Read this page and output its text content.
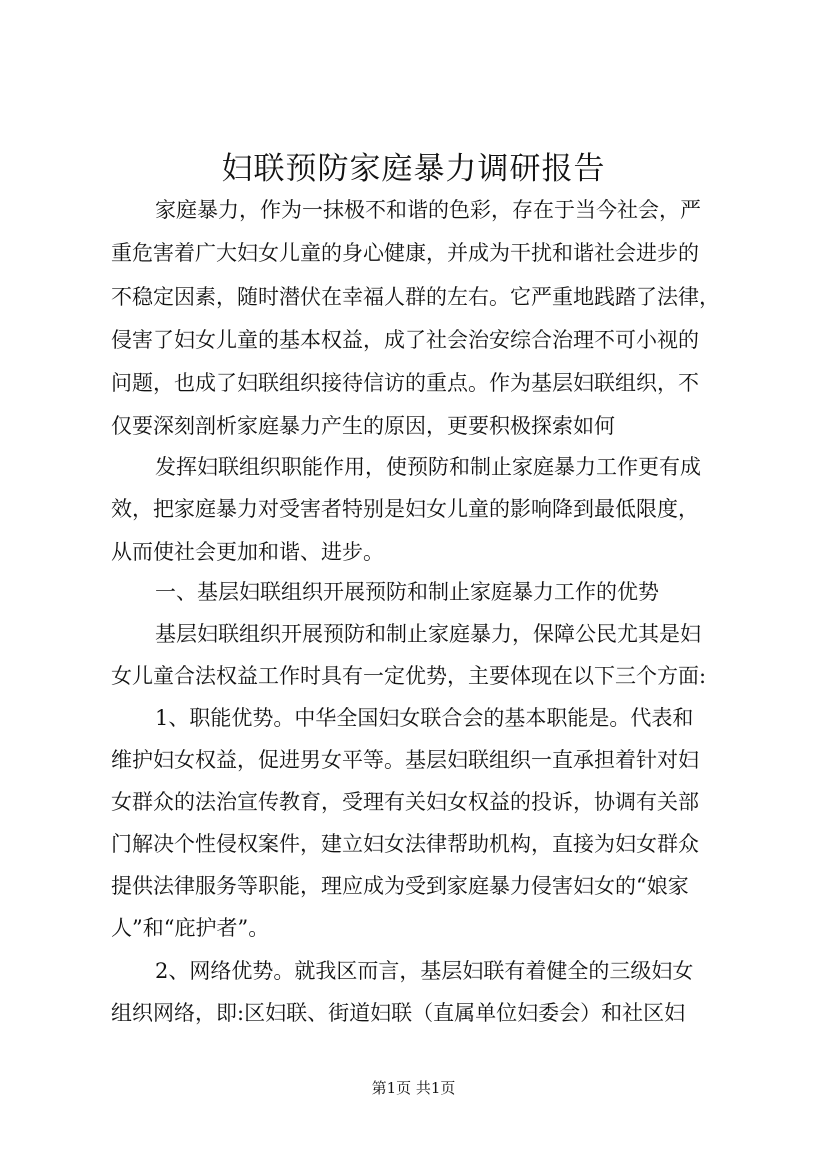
妇联预防家庭暴力调研报告
家庭暴力，作为一抹极不和谐的色彩，存在于当今社会，严
重危害着广大妇女儿童的身心健康，并成为干扰和谐社会进步的
不稳定因素，随时潜伏在幸福人群的左右。它严重地践踏了法律，
侵害了妇女儿童的基本权益，成了社会治安综合治理不可小视的
问题，也成了妇联组织接待信访的重点。作为基层妇联组织，不
仅要深刻剖析家庭暴力产生的原因，更要积极探索如何
发挥妇联组织职能作用，使预防和制止家庭暴力工作更有成
效，把家庭暴力对受害者特别是妇女儿童的影响降到最低限度，
从而使社会更加和谐、进步。
一、基层妇联组织开展预防和制止家庭暴力工作的优势
基层妇联组织开展预防和制止家庭暴力，保障公民尤其是妇
女儿童合法权益工作时具有一定优势，主要体现在以下三个方面:
1、职能优势。中华全国妇女联合会的基本职能是。代表和
维护妇女权益，促进男女平等。基层妇联组织一直承担着针对妇
女群众的法治宣传教育，受理有关妇女权益的投诉，协调有关部
门解决个性侵权案件，建立妇女法律帮助机构，直接为妇女群众
提供法律服务等职能，理应成为受到家庭暴力侵害妇女的“娘家
人”和“庇护者”。
2、网络优势。就我区而言，基层妇联有着健全的三级妇女
组织网络，即:区妇联、街道妇联（直属单位妇委会）和社区妇
第1页 共1页
